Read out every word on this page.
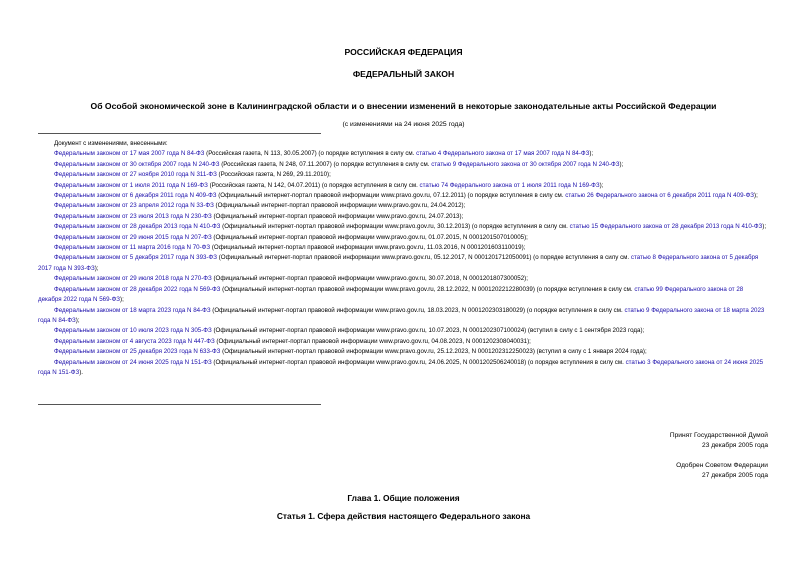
РОССИЙСКАЯ ФЕДЕРАЦИЯ
ФЕДЕРАЛЬНЫЙ ЗАКОН
Об Особой экономической зоне в Калининградской области и о внесении изменений в некоторые законодательные акты Российской Федерации
(с изменениями на 24 июня 2025 года)

Документ с изменениями, внесенными:

Федеральным законом от 17 мая 2007 года N 84-ФЗ (Российская газета, N 113, 30.05.2007) (о порядке вступления в силу см. статью 4 Федерального закона от 17 мая 2007 года N 84-ФЗ);

Федеральным законом от 30 октября 2007 года N 240-ФЗ (Российская газета, N 248, 07.11.2007) (о порядке вступления в силу см. статью 9 Федерального закона от 30 октября 2007 года N 240-ФЗ);

Федеральным законом от 27 ноября 2010 года N 311-ФЗ (Российская газета, N 269, 29.11.2010);

Федеральным законом от 1 июля 2011 года N 169-ФЗ (Российская газета, N 142, 04.07.2011) (о порядке вступления в силу см. статью 74 Федерального закона от 1 июля 2011 года N 169-ФЗ);

Федеральным законом от 6 декабря 2011 года N 409-ФЗ (Официальный интернет-портал правовой информации www.pravo.gov.ru, 07.12.2011) (о порядке вступления в силу см. статью 26 Федерального закона от 6 декабря 2011 года N 409-ФЗ);

Федеральным законом от 23 апреля 2012 года N 33-ФЗ (Официальный интернет-портал правовой информации www.pravo.gov.ru, 24.04.2012);

Федеральным законом от 23 июля 2013 года N 230-ФЗ (Официальный интернет-портал правовой информации www.pravo.gov.ru, 24.07.2013);

Федеральным законом от 28 декабря 2013 года N 410-ФЗ (Официальный интернет-портал правовой информации www.pravo.gov.ru, 30.12.2013) (о порядке вступления в силу см. статью 15 Федерального закона от 28 декабря 2013 года N 410-ФЗ);

Федеральным законом от 29 июня 2015 года N 207-ФЗ (Официальный интернет-портал правовой информации www.pravo.gov.ru, 01.07.2015, N 0001201507010005);

Федеральным законом от 11 марта 2016 года N 70-ФЗ (Официальный интернет-портал правовой информации www.pravo.gov.ru, 11.03.2016, N 0001201603110019);

Федеральным законом от 5 декабря 2017 года N 393-ФЗ (Официальный интернет-портал правовой информации www.pravo.gov.ru, 05.12.2017, N 0001201712050091) (о порядке вступления в силу см. статью 8 Федерального закона от 5 декабря 2017 года N 393-ФЗ);

Федеральным законом от 29 июля 2018 года N 270-ФЗ (Официальный интернет-портал правовой информации www.pravo.gov.ru, 30.07.2018, N 0001201807300052);

Федеральным законом от 28 декабря 2022 года N 569-ФЗ (Официальный интернет-портал правовой информации www.pravo.gov.ru, 28.12.2022, N 0001202212280039) (о порядке вступления в силу см. статью 99 Федерального закона от 28 декабря 2022 года N 569-ФЗ);

Федеральным законом от 18 марта 2023 года N 84-ФЗ (Официальный интернет-портал правовой информации www.pravo.gov.ru, 18.03.2023, N 0001202303180029) (о порядке вступления в силу см. статью 9 Федерального закона от 18 марта 2023 года N 84-ФЗ);

Федеральным законом от 10 июля 2023 года N 305-ФЗ (Официальный интернет-портал правовой информации www.pravo.gov.ru, 10.07.2023, N 0001202307100024) (вступил в силу с 1 сентября 2023 года);

Федеральным законом от 4 августа 2023 года N 447-ФЗ (Официальный интернет-портал правовой информации www.pravo.gov.ru, 04.08.2023, N 0001202308040031);

Федеральным законом от 25 декабря 2023 года N 633-ФЗ (Официальный интернет-портал правовой информации www.pravo.gov.ru, 25.12.2023, N 0001202312250023) (вступил в силу с 1 января 2024 года);

Федеральным законом от 24 июня 2025 года N 151-ФЗ (Официальный интернет-портал правовой информации www.pravo.gov.ru, 24.06.2025, N 0001202506240018) (о порядке вступления в силу см. статью 3 Федерального закона от 24 июня 2025 года N 151-ФЗ).

Принят Государственной Думой
23 декабря 2005 года
Одобрен Советом Федерации
27 декабря 2005 года
Глава 1. Общие положения
Статья 1. Сфера действия настоящего Федерального закона
